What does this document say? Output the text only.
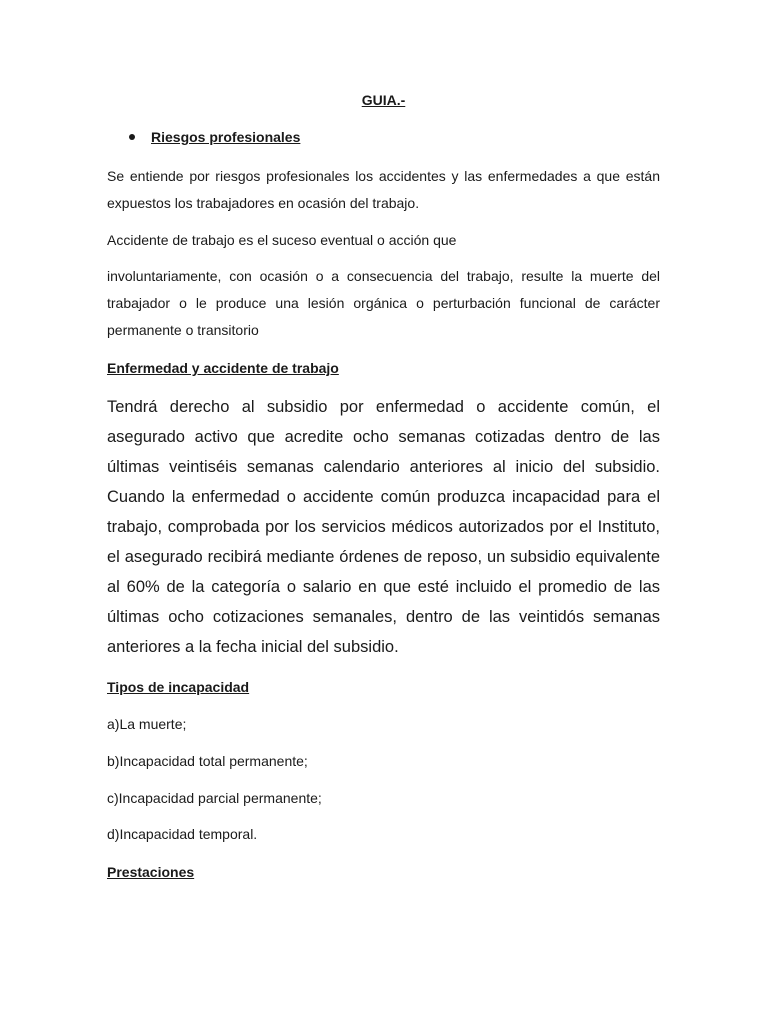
GUIA.-
Riesgos profesionales

Se entiende por riesgos profesionales los accidentes y las enfermedades a que están expuestos los trabajadores en ocasión del trabajo.

Accidente de trabajo es el suceso eventual o acción que

involuntariamente, con ocasión o a consecuencia del trabajo, resulte la muerte del trabajador o le produce una lesión orgánica o perturbación funcional de carácter permanente o transitorio

Enfermedad y accidente de trabajo

Tendrá derecho al subsidio por enfermedad o accidente común, el asegurado activo que acredite ocho semanas cotizadas dentro de las últimas veintiséis semanas calendario anteriores al inicio del subsidio. Cuando la enfermedad o accidente común produzca incapacidad para el trabajo, comprobada por los servicios médicos autorizados por el Instituto, el asegurado recibirá mediante órdenes de reposo, un subsidio equivalente al 60% de la categoría o salario en que esté incluido el promedio de las últimas ocho cotizaciones semanales, dentro de las veintidós semanas anteriores a la fecha inicial del subsidio.

Tipos de incapacidad

a)La muerte;

b)Incapacidad total permanente;

c)Incapacidad parcial permanente;

d)Incapacidad temporal.

Prestaciones
